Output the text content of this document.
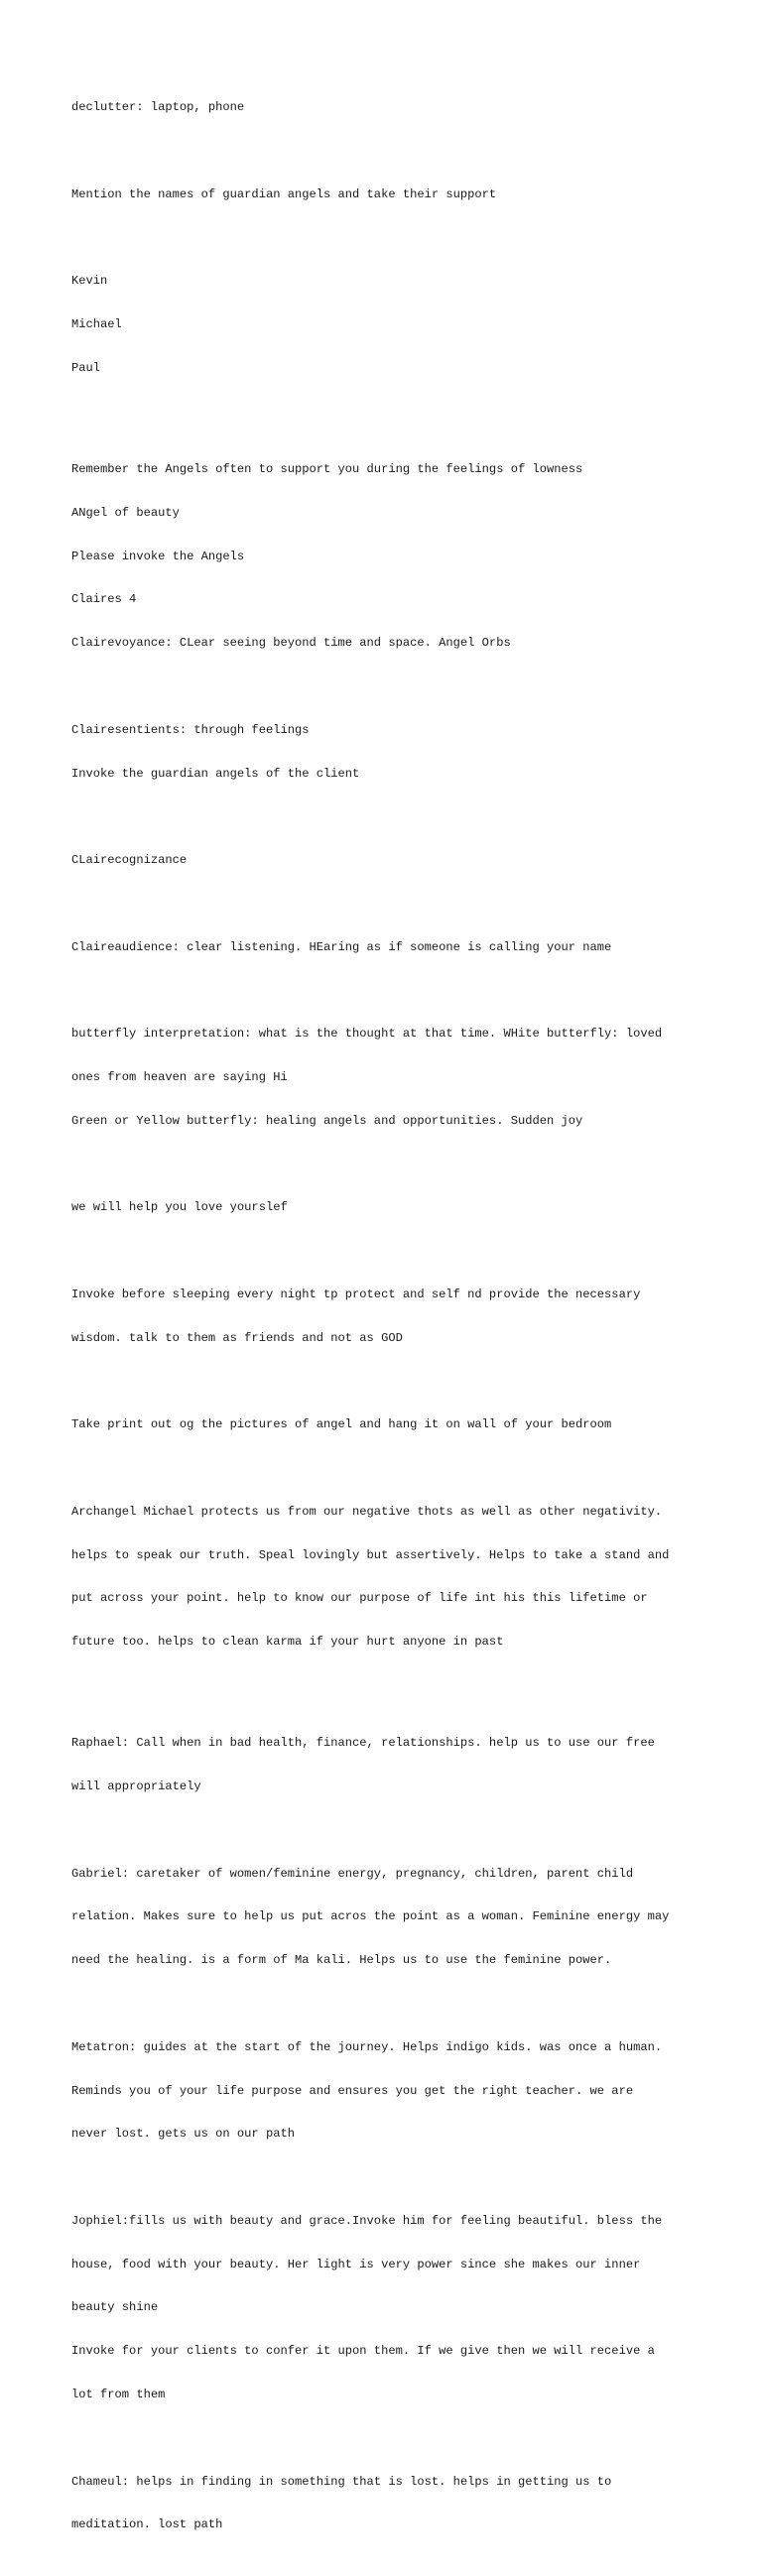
declutter: laptop, phone

Mention the names of guardian angels and take their support

Kevin

Michael

Paul

Remember the Angels often to support you during the feelings of lowness

ANgel of beauty

Please invoke the Angels

Claires 4

Clairevoyance: CLear seeing beyond time and space. Angel Orbs

Clairesentients: through feelings

Invoke the guardian angels of the client

CLairecognizance

Claireaudience: clear listening. HEaring as if someone is calling your name

butterfly interpretation: what is the thought at that time. WHite butterfly: loved

ones from heaven are saying Hi

Green or Yellow butterfly: healing angels and opportunities. Sudden joy

we will help you love yourslef

Invoke before sleeping every night tp protect and self nd provide the necessary

wisdom. talk to them as friends and not as GOD

Take print out og the pictures of angel and hang it on wall of your bedroom

Archangel Michael protects us from our negative thots as well as other negativity.

helps to speak our truth. Speal lovingly but assertively. Helps to take a stand and

put across your point. help to know our purpose of life int his this lifetime or

future too. helps to clean karma if your hurt anyone in past

Raphael: Call when in bad health, finance, relationships. help us to use our free

will appropriately

Gabriel: caretaker of women/feminine energy, pregnancy, children, parent child

relation. Makes sure to help us put acros the point as a woman. Feminine energy may

need the healing. is a form of Ma kali. Helps us to use the feminine power.

Metatron: guides at the start of the journey. Helps indigo kids. was once a human.

Reminds you of your life purpose and ensures you get the right teacher. we are

never lost. gets us on our path

Jophiel:fills us with beauty and grace.Invoke him for feeling beautiful. bless the

house, food with your beauty. Her light is very power since she makes our inner

beauty shine

Invoke for your clients to confer it upon them. If we give then we will receive a

lot from them

Chameul: helps in finding in something that is lost. helps in getting us to

meditation. lost path
